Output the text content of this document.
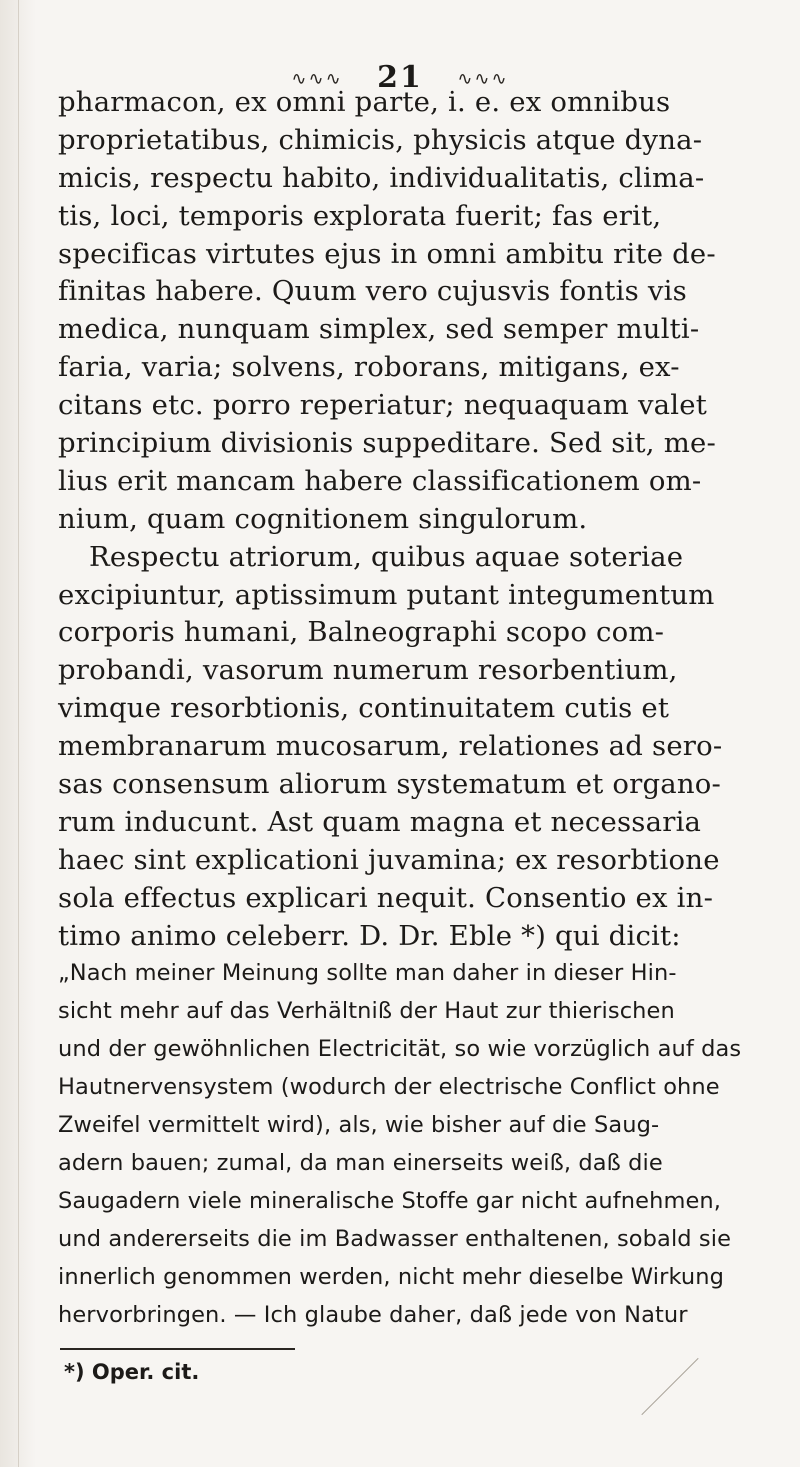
∿∿∿ 21 ∿∿∿
pharmacon, ex omni parte, i. e. ex omnibus
proprietatibus, chimicis, physicis atque dyna-
micis, respectu habito, individualitatis, clima-
tis, loci, temporis explorata fuerit; fas erit,
specificas virtutes ejus in omni ambitu rite de-
finitas habere. Quum vero cujusvis fontis vis
medica, nunquam simplex, sed semper multi-
faria, varia; solvens, roborans, mitigans, ex-
citans etc. porro reperiatur; nequaquam valet
principium divisionis suppeditare. Sed sit, me-
lius erit mancam habere classificationem om-
nium, quam cognitionem singulorum.
Respectu atriorum, quibus aquae soteriae
excipiuntur, aptissimum putant integumentum
corporis humani, Balneographi scopo com-
probandi, vasorum numerum resorbentium,
vimque resorbtionis, continuitatem cutis et
membranarum mucosarum, relationes ad sero-
sas consensum aliorum systematum et organo-
rum inducunt. Ast quam magna et necessaria
haec sint explicationi juvamina; ex resorbtione
sola effectus explicari nequit. Consentio ex in-
timo animo celeberr. D. Dr. Eble *) qui dicit:
„Nach meiner Meinung sollte man daher in dieser Hin-
sicht mehr auf das Verhältniß der Haut zur thierischen
und der gewöhnlichen Electricität, so wie vorzüglich auf das
Hautnervensystem (wodurch der electrische Conflict ohne
Zweifel vermittelt wird), als, wie bisher auf die Saug-
adern bauen; zumal, da man einerseits weiß, daß die
Saugadern viele mineralische Stoffe gar nicht aufnehmen,
und andererseits die im Badwasser enthaltenen, sobald sie
innerlich genommen werden, nicht mehr dieselbe Wirkung
hervorbringen. — Ich glaube daher, daß jede von Natur
*) Oper. cit.
